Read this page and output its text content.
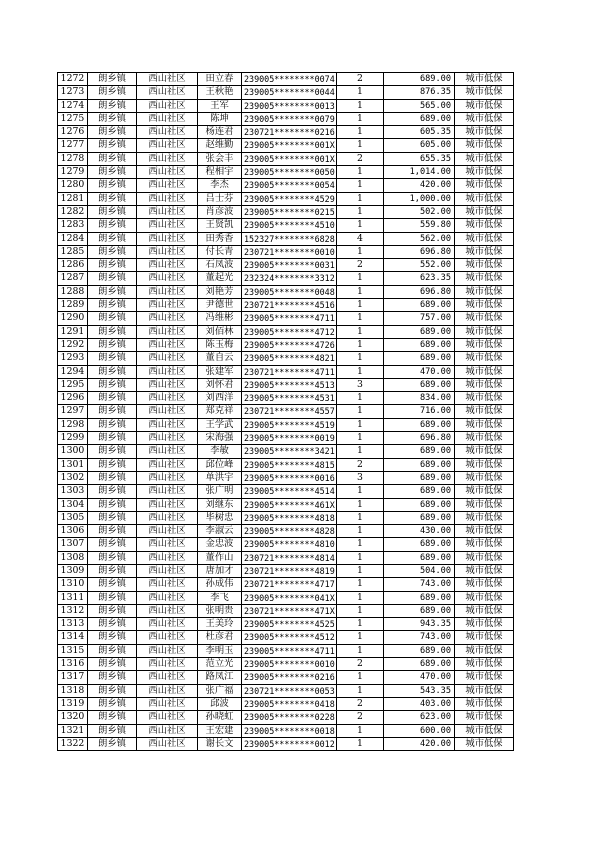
1272	朗乡镇	西山社区	田立春	239005********0074	2	689.00	城市低保
1273	朗乡镇	西山社区	王秋艳	239005********0044	1	876.35	城市低保
1274	朗乡镇	西山社区	王军	239005********0013	1	565.00	城市低保
1275	朗乡镇	西山社区	陈坤	239005********0079	1	689.00	城市低保
1276	朗乡镇	西山社区	杨连君	230721********0216	1	605.35	城市低保
1277	朗乡镇	西山社区	赵维勤	239005********001X	1	605.00	城市低保
1278	朗乡镇	西山社区	张会丰	239005********001X	2	655.35	城市低保
1279	朗乡镇	西山社区	程相宇	239005********0050	1	1,014.00	城市低保
1280	朗乡镇	西山社区	李杰	239005********0054	1	420.00	城市低保
1281	朗乡镇	西山社区	吕士芬	239005********4529	1	1,000.00	城市低保
1282	朗乡镇	西山社区	肖彦波	239005********0215	1	502.00	城市低保
1283	朗乡镇	西山社区	王贤凯	239005********4510	1	559.80	城市低保
1284	朗乡镇	西山社区	田秀香	152327********6828	4	562.00	城市低保
1285	朗乡镇	西山社区	付长青	230721********0010	1	696.80	城市低保
1286	朗乡镇	西山社区	石凤波	239005********0031	2	552.00	城市低保
1287	朗乡镇	西山社区	董起光	232324********3312	1	623.35	城市低保
1288	朗乡镇	西山社区	刘艳芳	239005********0048	1	696.80	城市低保
1289	朗乡镇	西山社区	尹德世	230721********4516	1	689.00	城市低保
1290	朗乡镇	西山社区	冯维彬	239005********4711	1	757.00	城市低保
1291	朗乡镇	西山社区	刘佰林	239005********4712	1	689.00	城市低保
1292	朗乡镇	西山社区	陈玉梅	239005********4726	1	689.00	城市低保
1293	朗乡镇	西山社区	董自云	239005********4821	1	689.00	城市低保
1294	朗乡镇	西山社区	张建军	230721********4711	1	470.00	城市低保
1295	朗乡镇	西山社区	刘怀君	239005********4513	3	689.00	城市低保
1296	朗乡镇	西山社区	刘西洋	239005********4531	1	834.00	城市低保
1297	朗乡镇	西山社区	郑克祥	230721********4557	1	716.00	城市低保
1298	朗乡镇	西山社区	王学武	239005********4519	1	689.00	城市低保
1299	朗乡镇	西山社区	宋海强	239005********0019	1	696.80	城市低保
1300	朗乡镇	西山社区	李敏	239005********3421	1	689.00	城市低保
1301	朗乡镇	西山社区	邱位峰	239005********4815	2	689.00	城市低保
1302	朗乡镇	西山社区	单洪宇	239005********0016	3	689.00	城市低保
1303	朗乡镇	西山社区	张广明	239005********4514	1	689.00	城市低保
1304	朗乡镇	西山社区	刘继东	239005********461X	1	689.00	城市低保
1305	朗乡镇	西山社区	毕树忠	239005********4818	1	689.00	城市低保
1306	朗乡镇	西山社区	李淑云	239005********4828	1	430.00	城市低保
1307	朗乡镇	西山社区	金忠波	239005********4810	1	689.00	城市低保
1308	朗乡镇	西山社区	董作山	230721********4814	1	689.00	城市低保
1309	朗乡镇	西山社区	唐加才	230721********4819	1	504.00	城市低保
1310	朗乡镇	西山社区	孙成伟	230721********4717	1	743.00	城市低保
1311	朗乡镇	西山社区	李飞	239005********041X	1	689.00	城市低保
1312	朗乡镇	西山社区	张明贵	230721********471X	1	689.00	城市低保
1313	朗乡镇	西山社区	王美玲	239005********4525	1	943.35	城市低保
1314	朗乡镇	西山社区	杜彦君	239005********4512	1	743.00	城市低保
1315	朗乡镇	西山社区	李明玉	239005********4711	1	689.00	城市低保
1316	朗乡镇	西山社区	范立光	239005********0010	2	689.00	城市低保
1317	朗乡镇	西山社区	路凤江	239005********0216	1	470.00	城市低保
1318	朗乡镇	西山社区	张广福	230721********0053	1	543.35	城市低保
1319	朗乡镇	西山社区	邱波	239005********0418	2	403.00	城市低保
1320	朗乡镇	西山社区	孙晓虹	239005********0228	2	623.00	城市低保
1321	朗乡镇	西山社区	王宏建	239005********0018	1	600.00	城市低保
1322	朗乡镇	西山社区	谢长文	239005********0012	1	420.00	城市低保
